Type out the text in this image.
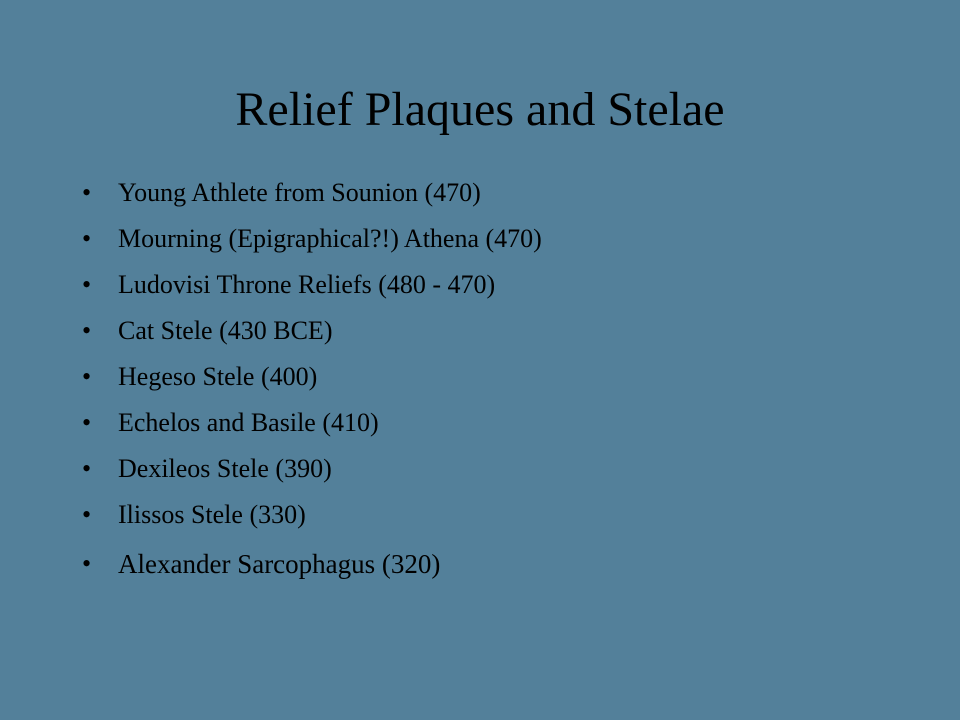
Relief Plaques and Stelae
• Young Athlete from Sounion (470)
• Mourning (Epigraphical?!) Athena (470)
• Ludovisi Throne Reliefs (480 - 470)
• Cat Stele (430 BCE)
• Hegeso Stele (400)
• Echelos and Basile (410)
• Dexileos Stele (390)
• Ilissos Stele (330)
• Alexander Sarcophagus (320)
